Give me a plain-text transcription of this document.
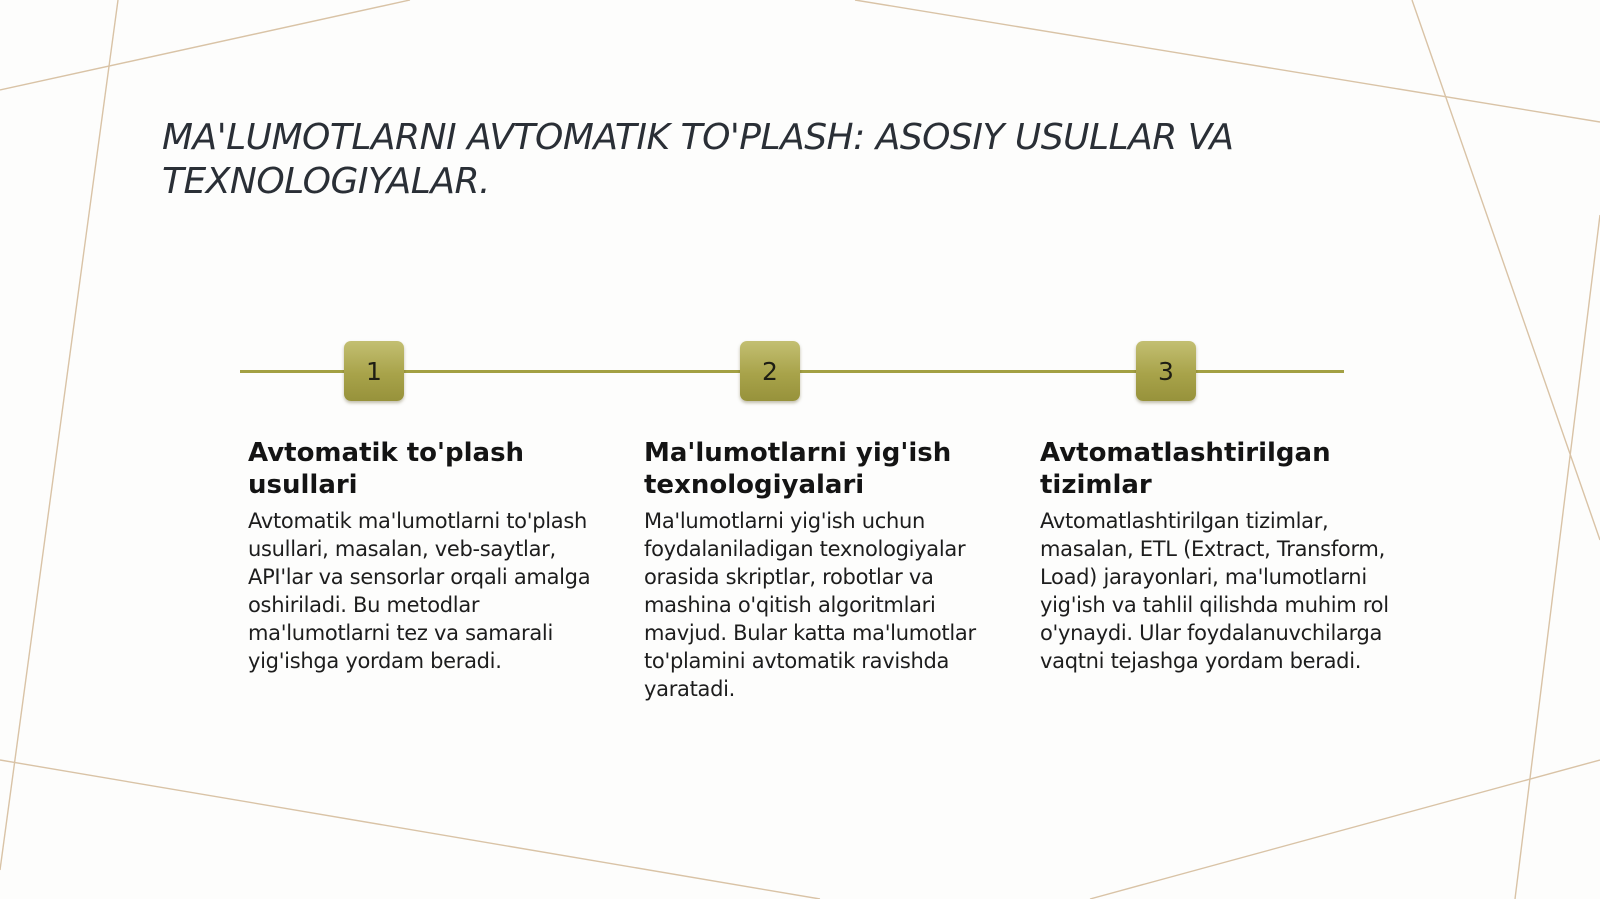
MA'LUMOTLARNI AVTOMATIK TO'PLASH: ASOSIY USULLAR VA TEXNOLOGIYALAR.
1	2	3
Avtomatik to'plash usullari

Avtomatik ma'lumotlarni to'plash usullari, masalan, veb-saytlar, API'lar va sensorlar orqali amalga oshiriladi. Bu metodlar ma'lumotlarni tez va samarali yig'ishga yordam beradi.

Ma'lumotlarni yig'ish texnologiyalari

Ma'lumotlarni yig'ish uchun foydalaniladigan texnologiyalar orasida skriptlar, robotlar va mashina o'qitish algoritmlari mavjud. Bular katta ma'lumotlar to'plamini avtomatik ravishda yaratadi.

Avtomatlashtirilgan tizimlar

Avtomatlashtirilgan tizimlar, masalan, ETL (Extract, Transform, Load) jarayonlari, ma'lumotlarni yig'ish va tahlil qilishda muhim rol o'ynaydi. Ular foydalanuvchilarga vaqtni tejashga yordam beradi.
